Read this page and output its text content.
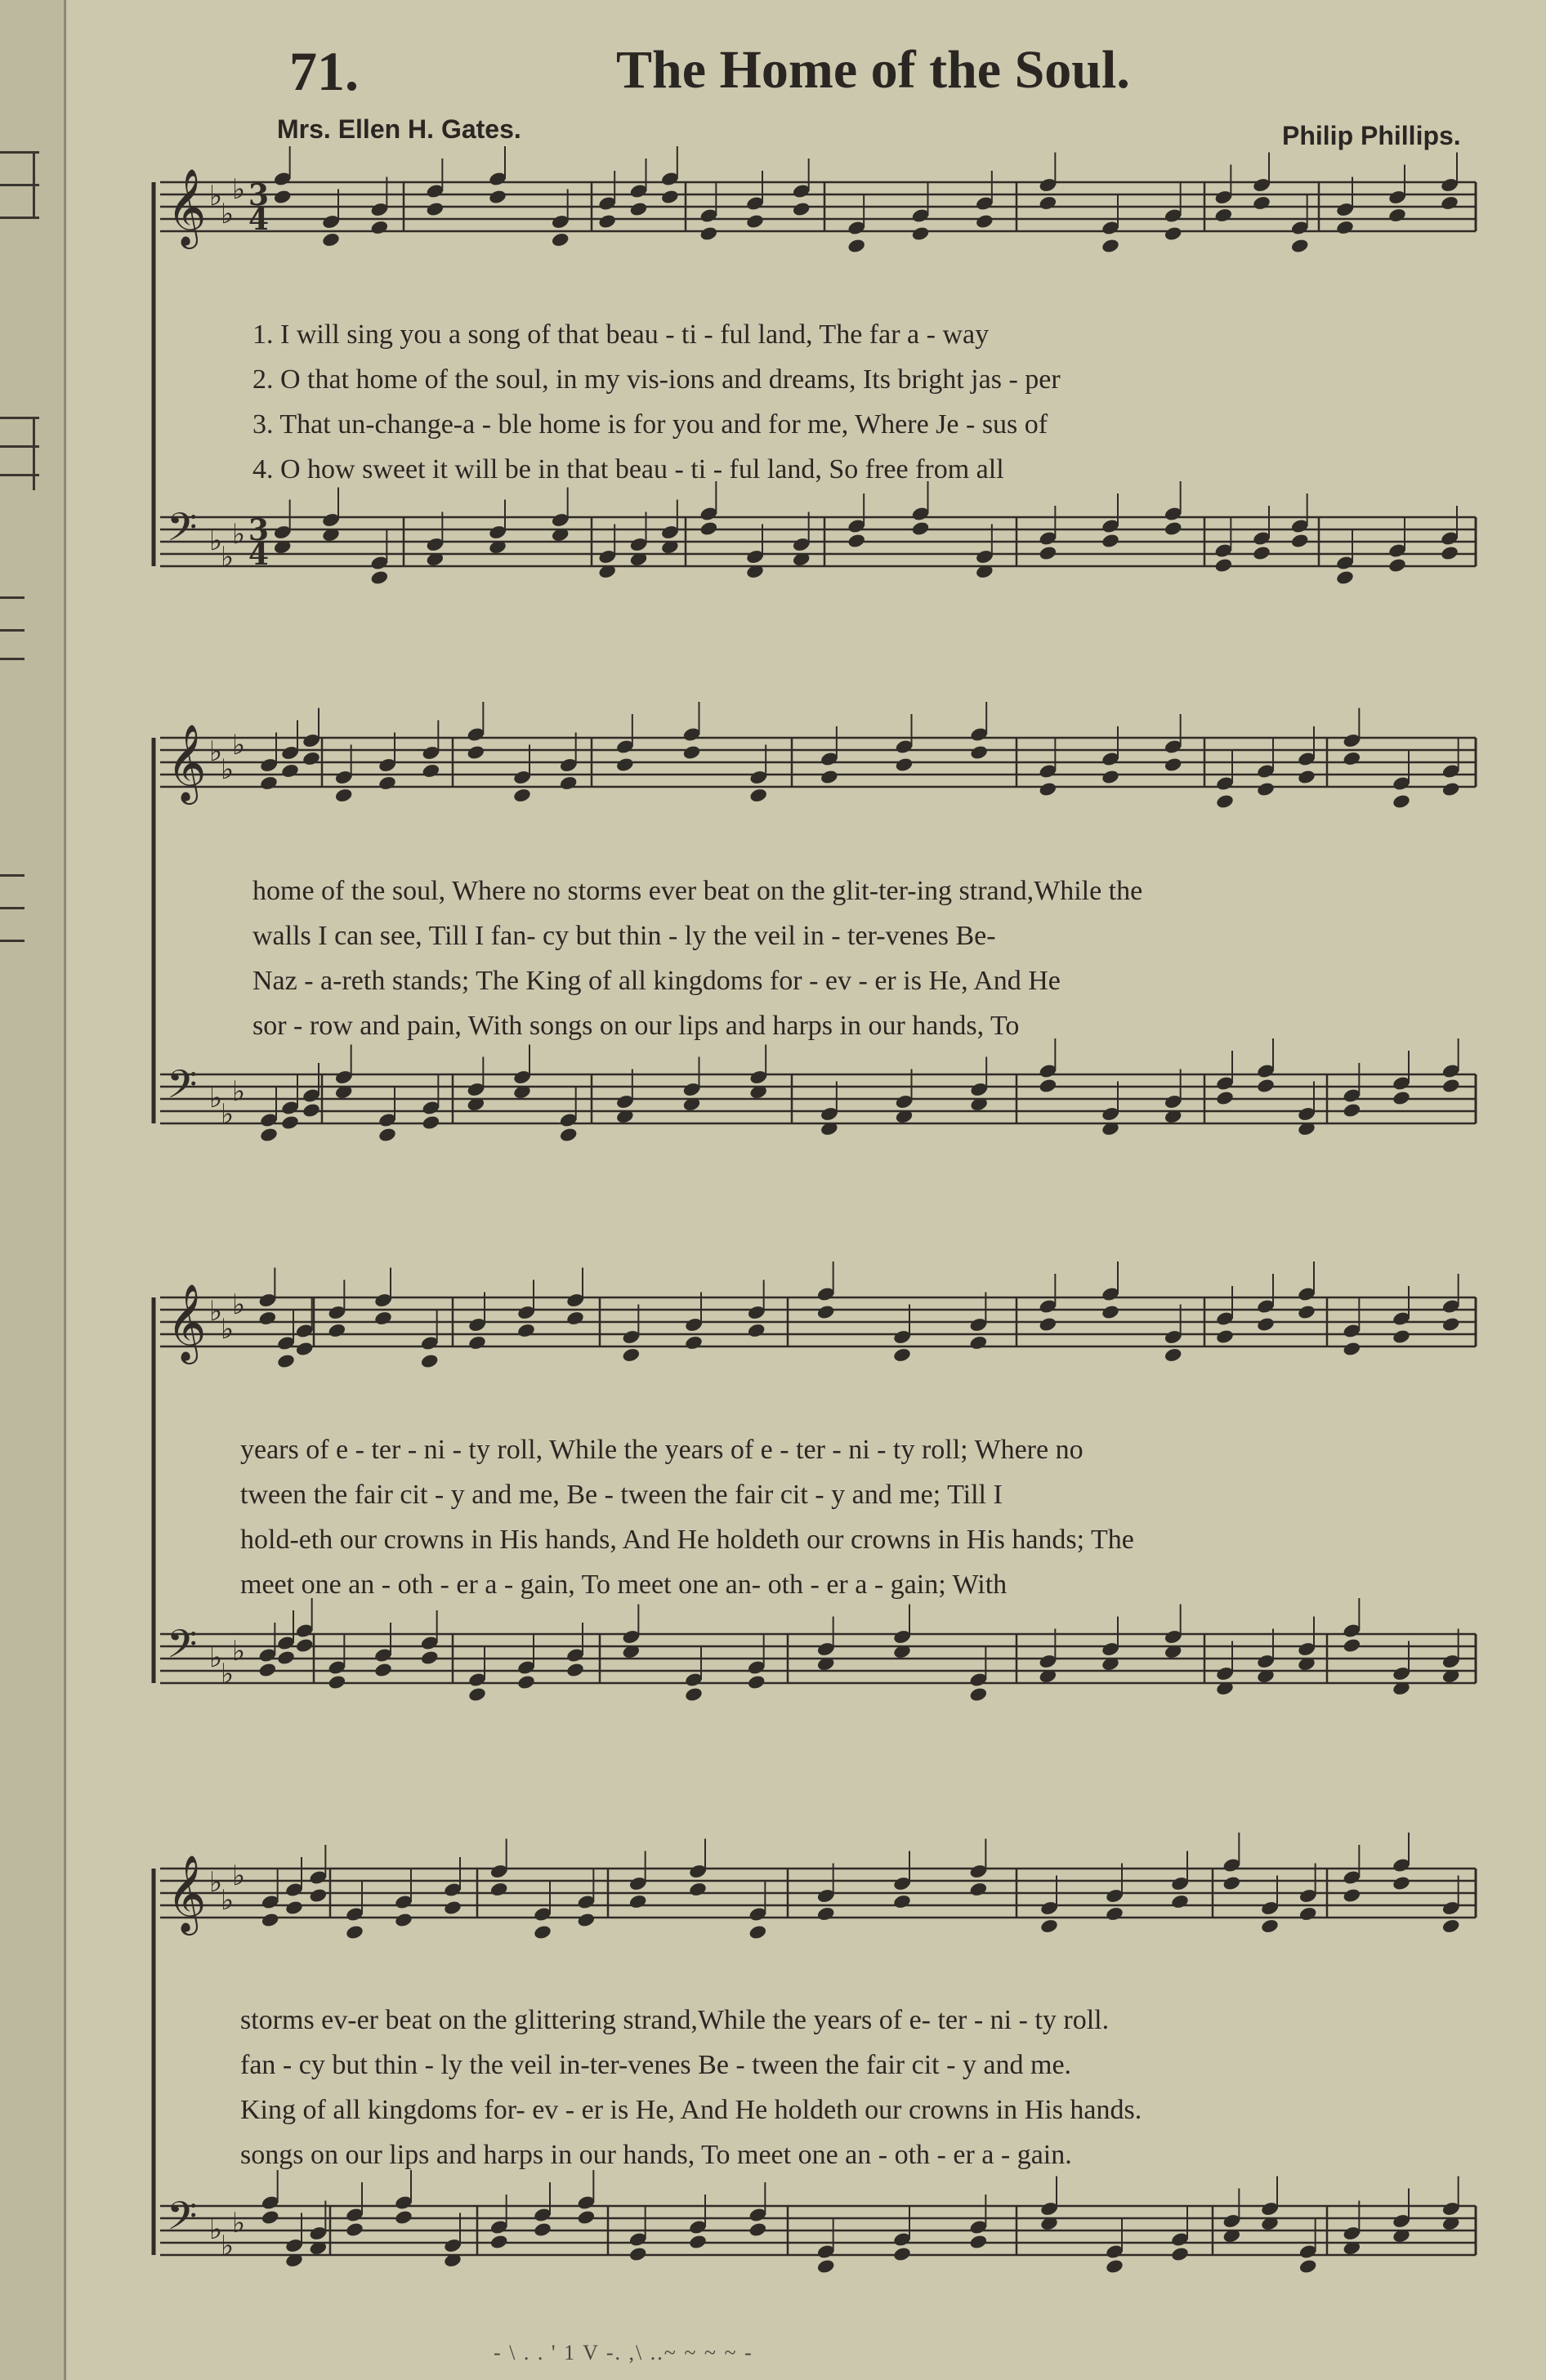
71.	The Home of the Soul.
Mrs. Ellen H. Gates.	Philip Phillips.
𝄞 ♭
♭
♭
𝄢 ♭
♭
♭
𝄞 ♭
♭
♭
𝄢 ♭
♭
♭
𝄞 ♭
♭
♭
𝄢 ♭
♭
♭
𝄞 ♭
♭
♭
𝄢 ♭
♭
♭
3
4
3
4
1. I will sing you a song of that beau - ti - ful land, The far a - way
2. O that home of the soul, in my vis-ions and dreams, Its bright jas - per
3. That un-change-a - ble home is for you and for me, Where Je - sus of
4. O how sweet it will be in that beau - ti - ful land, So free from all
home of the soul, Where no storms ever beat on the glit-ter-ing strand,While the
walls I can see, Till I fan- cy but thin - ly the veil in - ter-venes Be-
Naz - a-reth stands; The King of all kingdoms for - ev - er is He, And He
sor - row and pain, With songs on our lips and harps in our hands, To
years of e - ter - ni - ty roll, While the years of e - ter - ni - ty roll; Where no
tween the fair cit - y and me, Be - tween the fair cit - y and me; Till I
hold-eth our crowns in His hands, And He holdeth our crowns in His hands; The
meet one an - oth - er a - gain, To meet one an- oth - er a - gain; With
storms ev-er beat on the glittering strand,While the years of e- ter - ni - ty roll.
fan - cy but thin - ly the veil in-ter-venes Be - tween the fair cit - y and me.
King of all kingdoms for- ev - er is He, And He holdeth our crowns in His hands.
songs on our lips and harps in our hands, To meet one an - oth - er a - gain.
- \ . . ' 1 V -. ,\ ..~ ~ ~ ~ -
